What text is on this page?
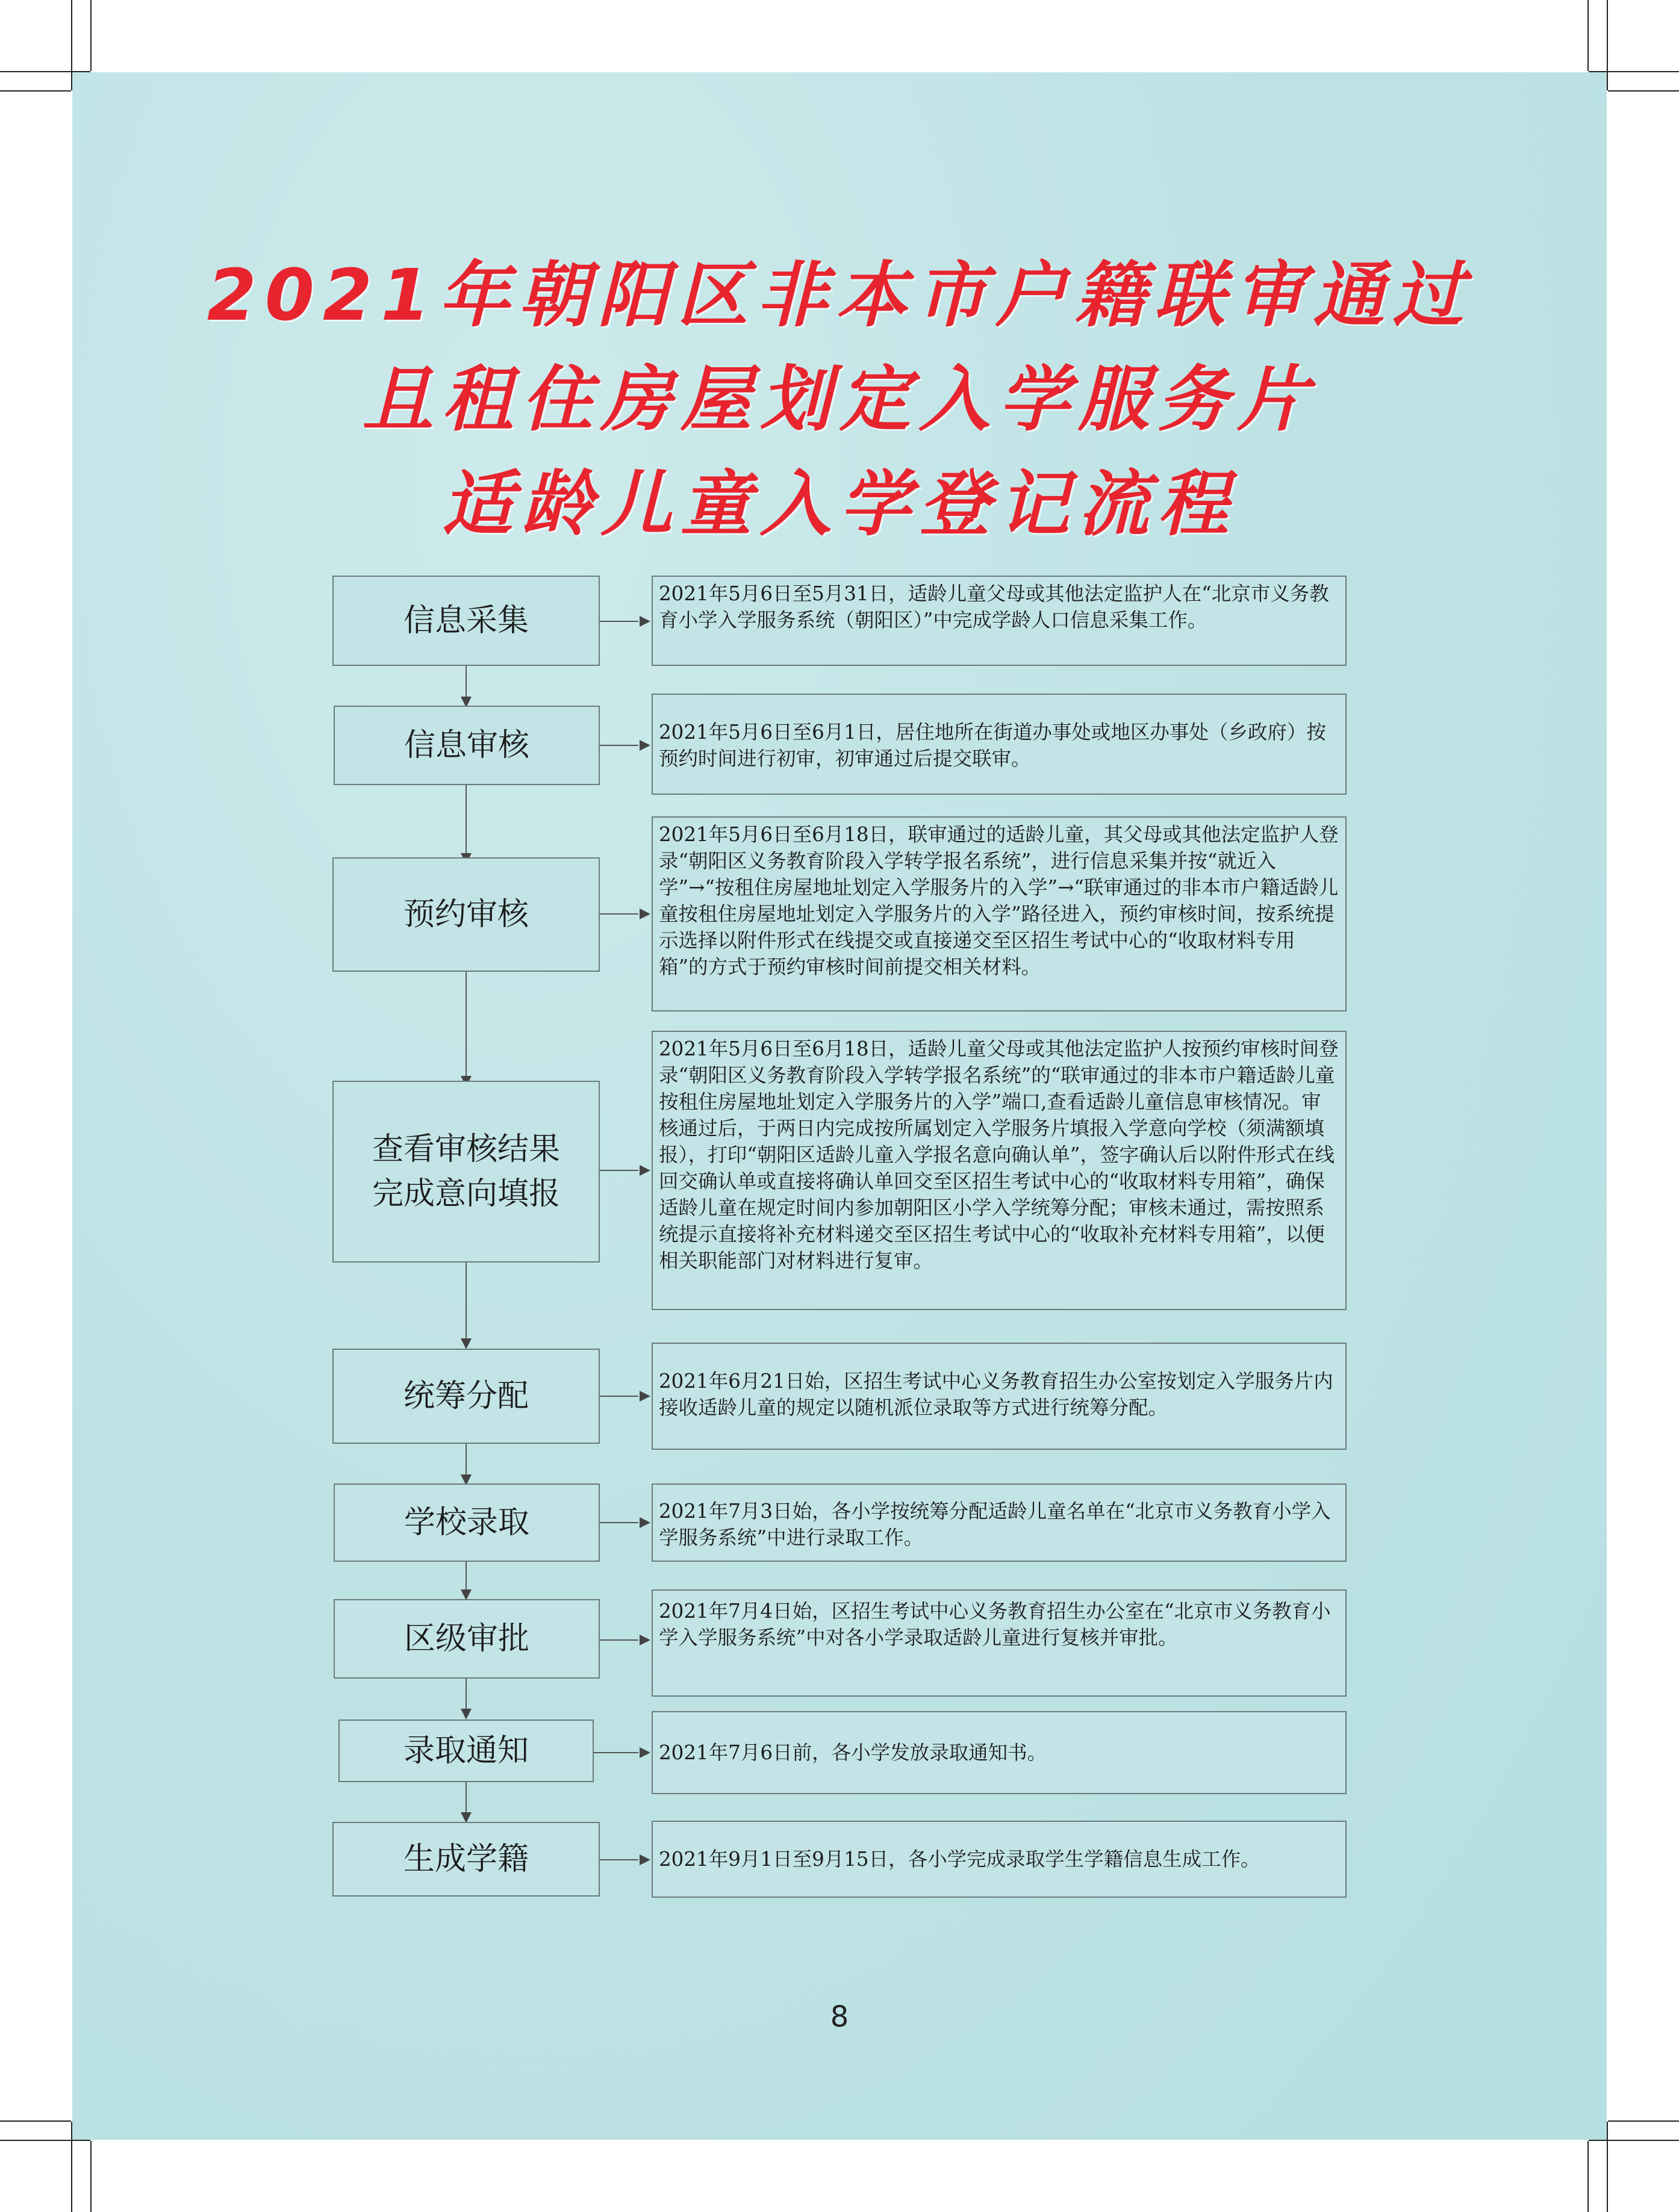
2021年朝阳区非本市户籍联审通过
且租住房屋划定入学服务片
适龄儿童入学登记流程
信息采集
信息审核
预约审核
查看审核结果
完成意向填报
统筹分配
学校录取
区级审批
录取通知
生成学籍
2021年5月6日至5月31日，适龄儿童父母或其他法定监护人在“北京市义务教育小学入学服务系统（朝阳区）”中完成学龄人口信息采集工作。
2021年5月6日至6月1日，居住地所在街道办事处或地区办事处（乡政府）按预约时间进行初审，初审通过后提交联审。
2021年5月6日至6月18日，联审通过的适龄儿童，其父母或其他法定监护人登录“朝阳区义务教育阶段入学转学报名系统”，进行信息采集并按“就近入学”→“按租住房屋地址划定入学服务片的入学”→“联审通过的非本市户籍适龄儿童按租住房屋地址划定入学服务片的入学”路径进入，预约审核时间，按系统提示选择以附件形式在线提交或直接递交至区招生考试中心的“收取材料专用箱”的方式于预约审核时间前提交相关材料。
2021年5月6日至6月18日，适龄儿童父母或其他法定监护人按预约审核时间登录“朝阳区义务教育阶段入学转学报名系统”的“联审通过的非本市户籍适龄儿童按租住房屋地址划定入学服务片的入学”端口,查看适龄儿童信息审核情况。审核通过后，于两日内完成按所属划定入学服务片填报入学意向学校（须满额填报），打印“朝阳区适龄儿童入学报名意向确认单”，签字确认后以附件形式在线回交确认单或直接将确认单回交至区招生考试中心的“收取材料专用箱”，确保适龄儿童在规定时间内参加朝阳区小学入学统筹分配；审核未通过，需按照系统提示直接将补充材料递交至区招生考试中心的“收取补充材料专用箱”，以便相关职能部门对材料进行复审。
2021年6月21日始，区招生考试中心义务教育招生办公室按划定入学服务片内接收适龄儿童的规定以随机派位录取等方式进行统筹分配。
2021年7月3日始，各小学按统筹分配适龄儿童名单在“北京市义务教育小学入学服务系统”中进行录取工作。
2021年7月4日始，区招生考试中心义务教育招生办公室在“北京市义务教育小学入学服务系统”中对各小学录取适龄儿童进行复核并审批。
2021年7月6日前，各小学发放录取通知书。
2021年9月1日至9月15日，各小学完成录取学生学籍信息生成工作。
8
